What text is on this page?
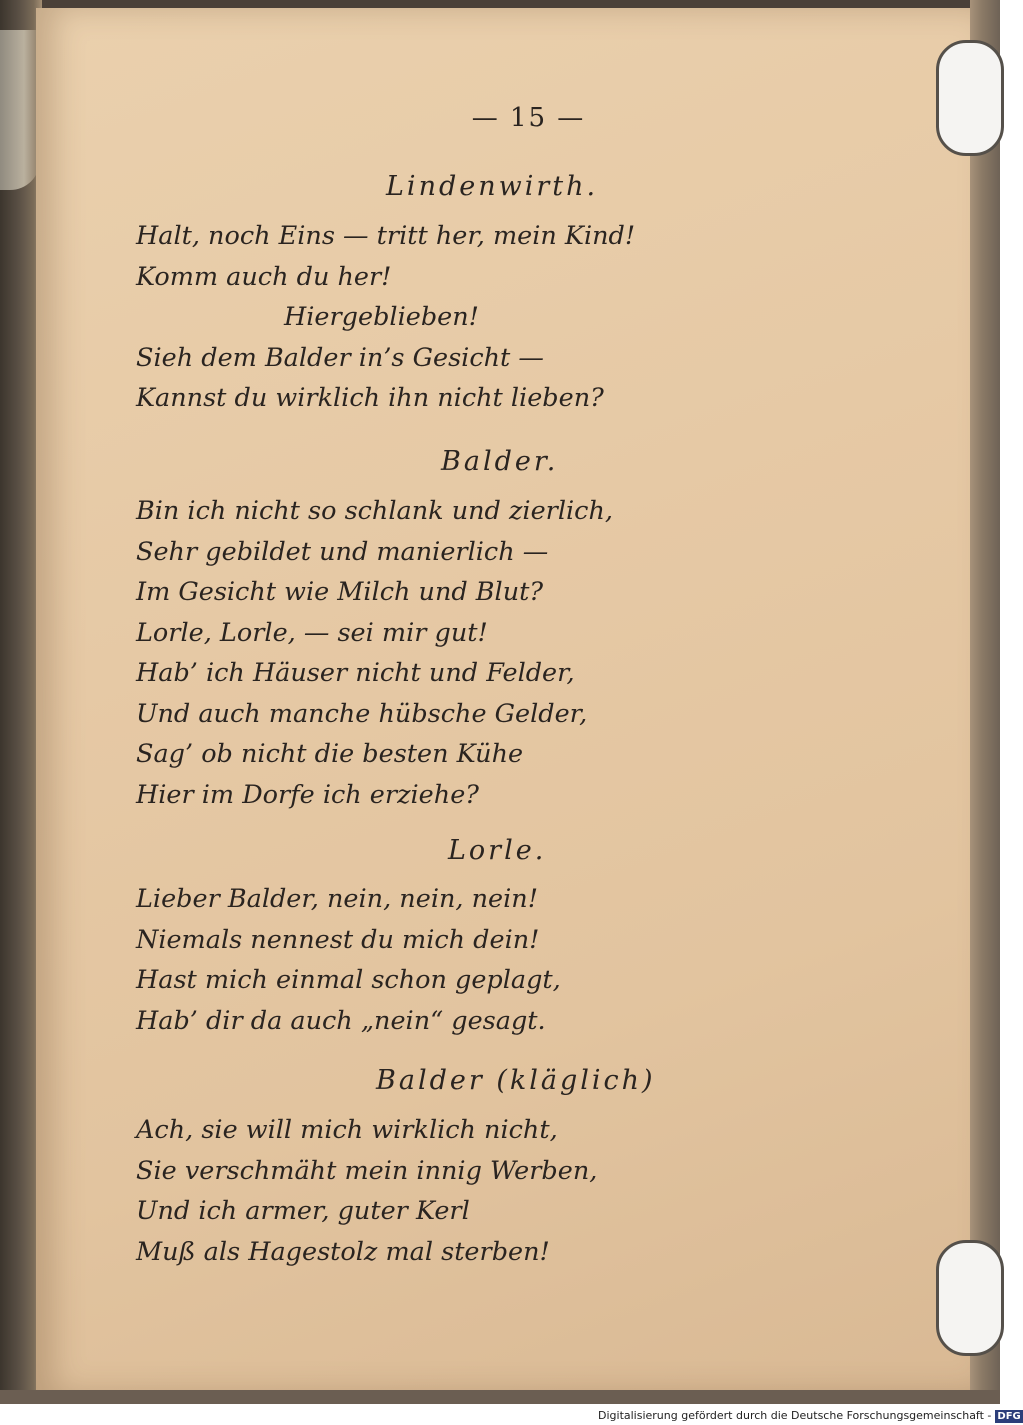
— 15 —
Lindenwirth.
Halt, noch Eins — tritt her, mein Kind!
Komm auch du her!
Hiergeblieben!
Sieh dem Balder in’s Gesicht —
Kannst du wirklich ihn nicht lieben?
Balder.
Bin ich nicht so schlank und zierlich,
Sehr gebildet und manierlich —
Im Gesicht wie Milch und Blut?
Lorle, Lorle, — sei mir gut!
Hab’ ich Häuser nicht und Felder,
Und auch manche hübsche Gelder,
Sag’ ob nicht die besten Kühe
Hier im Dorfe ich erziehe?
Lorle.
Lieber Balder, nein, nein, nein!
Niemals nennest du mich dein!
Hast mich einmal schon geplagt,
Hab’ dir da auch „nein“ gesagt.
Balder (kläglich)
Ach, sie will mich wirklich nicht,
Sie verschmäht mein innig Werben,
Und ich armer, guter Kerl
Muß als Hagestolz mal sterben!
Digitalisierung gefördert durch die Deutsche Forschungsgemeinschaft - DFG
